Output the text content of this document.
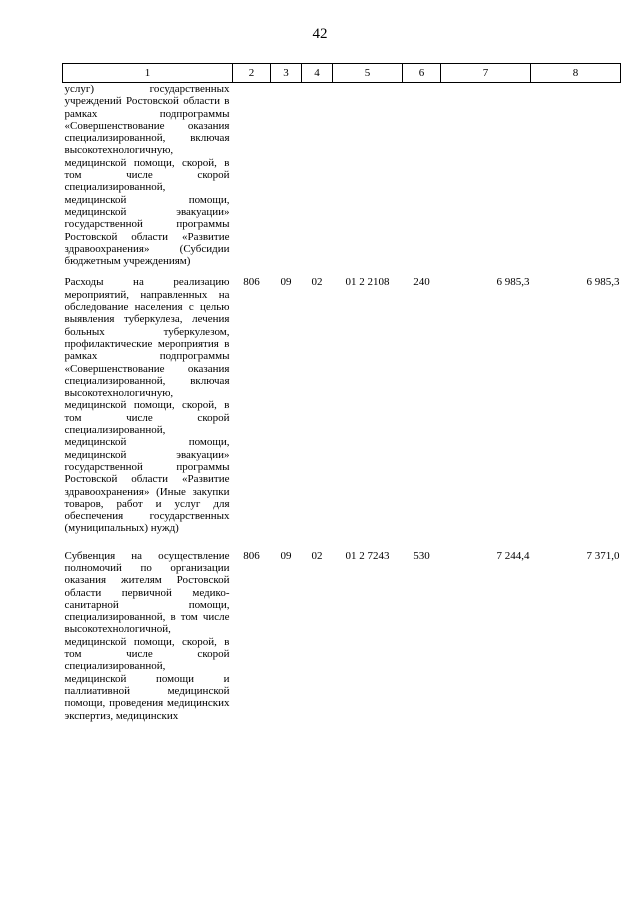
42
1	2	3	4	5	6	7	8
услуг) государственных учреждений Ростовской области в рамках подпрограммы «Совершенствование оказания специализированной, включая высокотехнологичную, медицинской помощи, скорой, в том числе скорой специализированной, медицинской помощи, медицинской эвакуации» государственной программы Ростовской области «Развитие здравоохранения» (Субсидии бюджетным учреждениям)							
Расходы на реализацию мероприятий, направленных на обследование населения с целью выявления туберкулеза, лечения больных туберкулезом, профилактические мероприятия в рамках подпрограммы «Совершенствование оказания специализированной, включая высокотехнологичную, медицинской помощи, скорой, в том числе скорой специализированной, медицинской помощи, медицинской эвакуации» государственной программы Ростовской области «Развитие здравоохранения» (Иные закупки товаров, работ и услуг для обеспечения государственных (муниципальных) нужд)	806	09	02	01 2 2108	240	6 985,3	6 985,3
Субвенция на осуществление полномочий по организации оказания жителям Ростовской области первичной медико-санитарной помощи, специализированной, в том числе высокотехнологичной, медицинской помощи, скорой, в том числе скорой специализированной, медицинской помощи и паллиативной медицинской помощи, проведения медицинских экспертиз, медицинских	806	09	02	01 2 7243	530	7 244,4	7 371,0
